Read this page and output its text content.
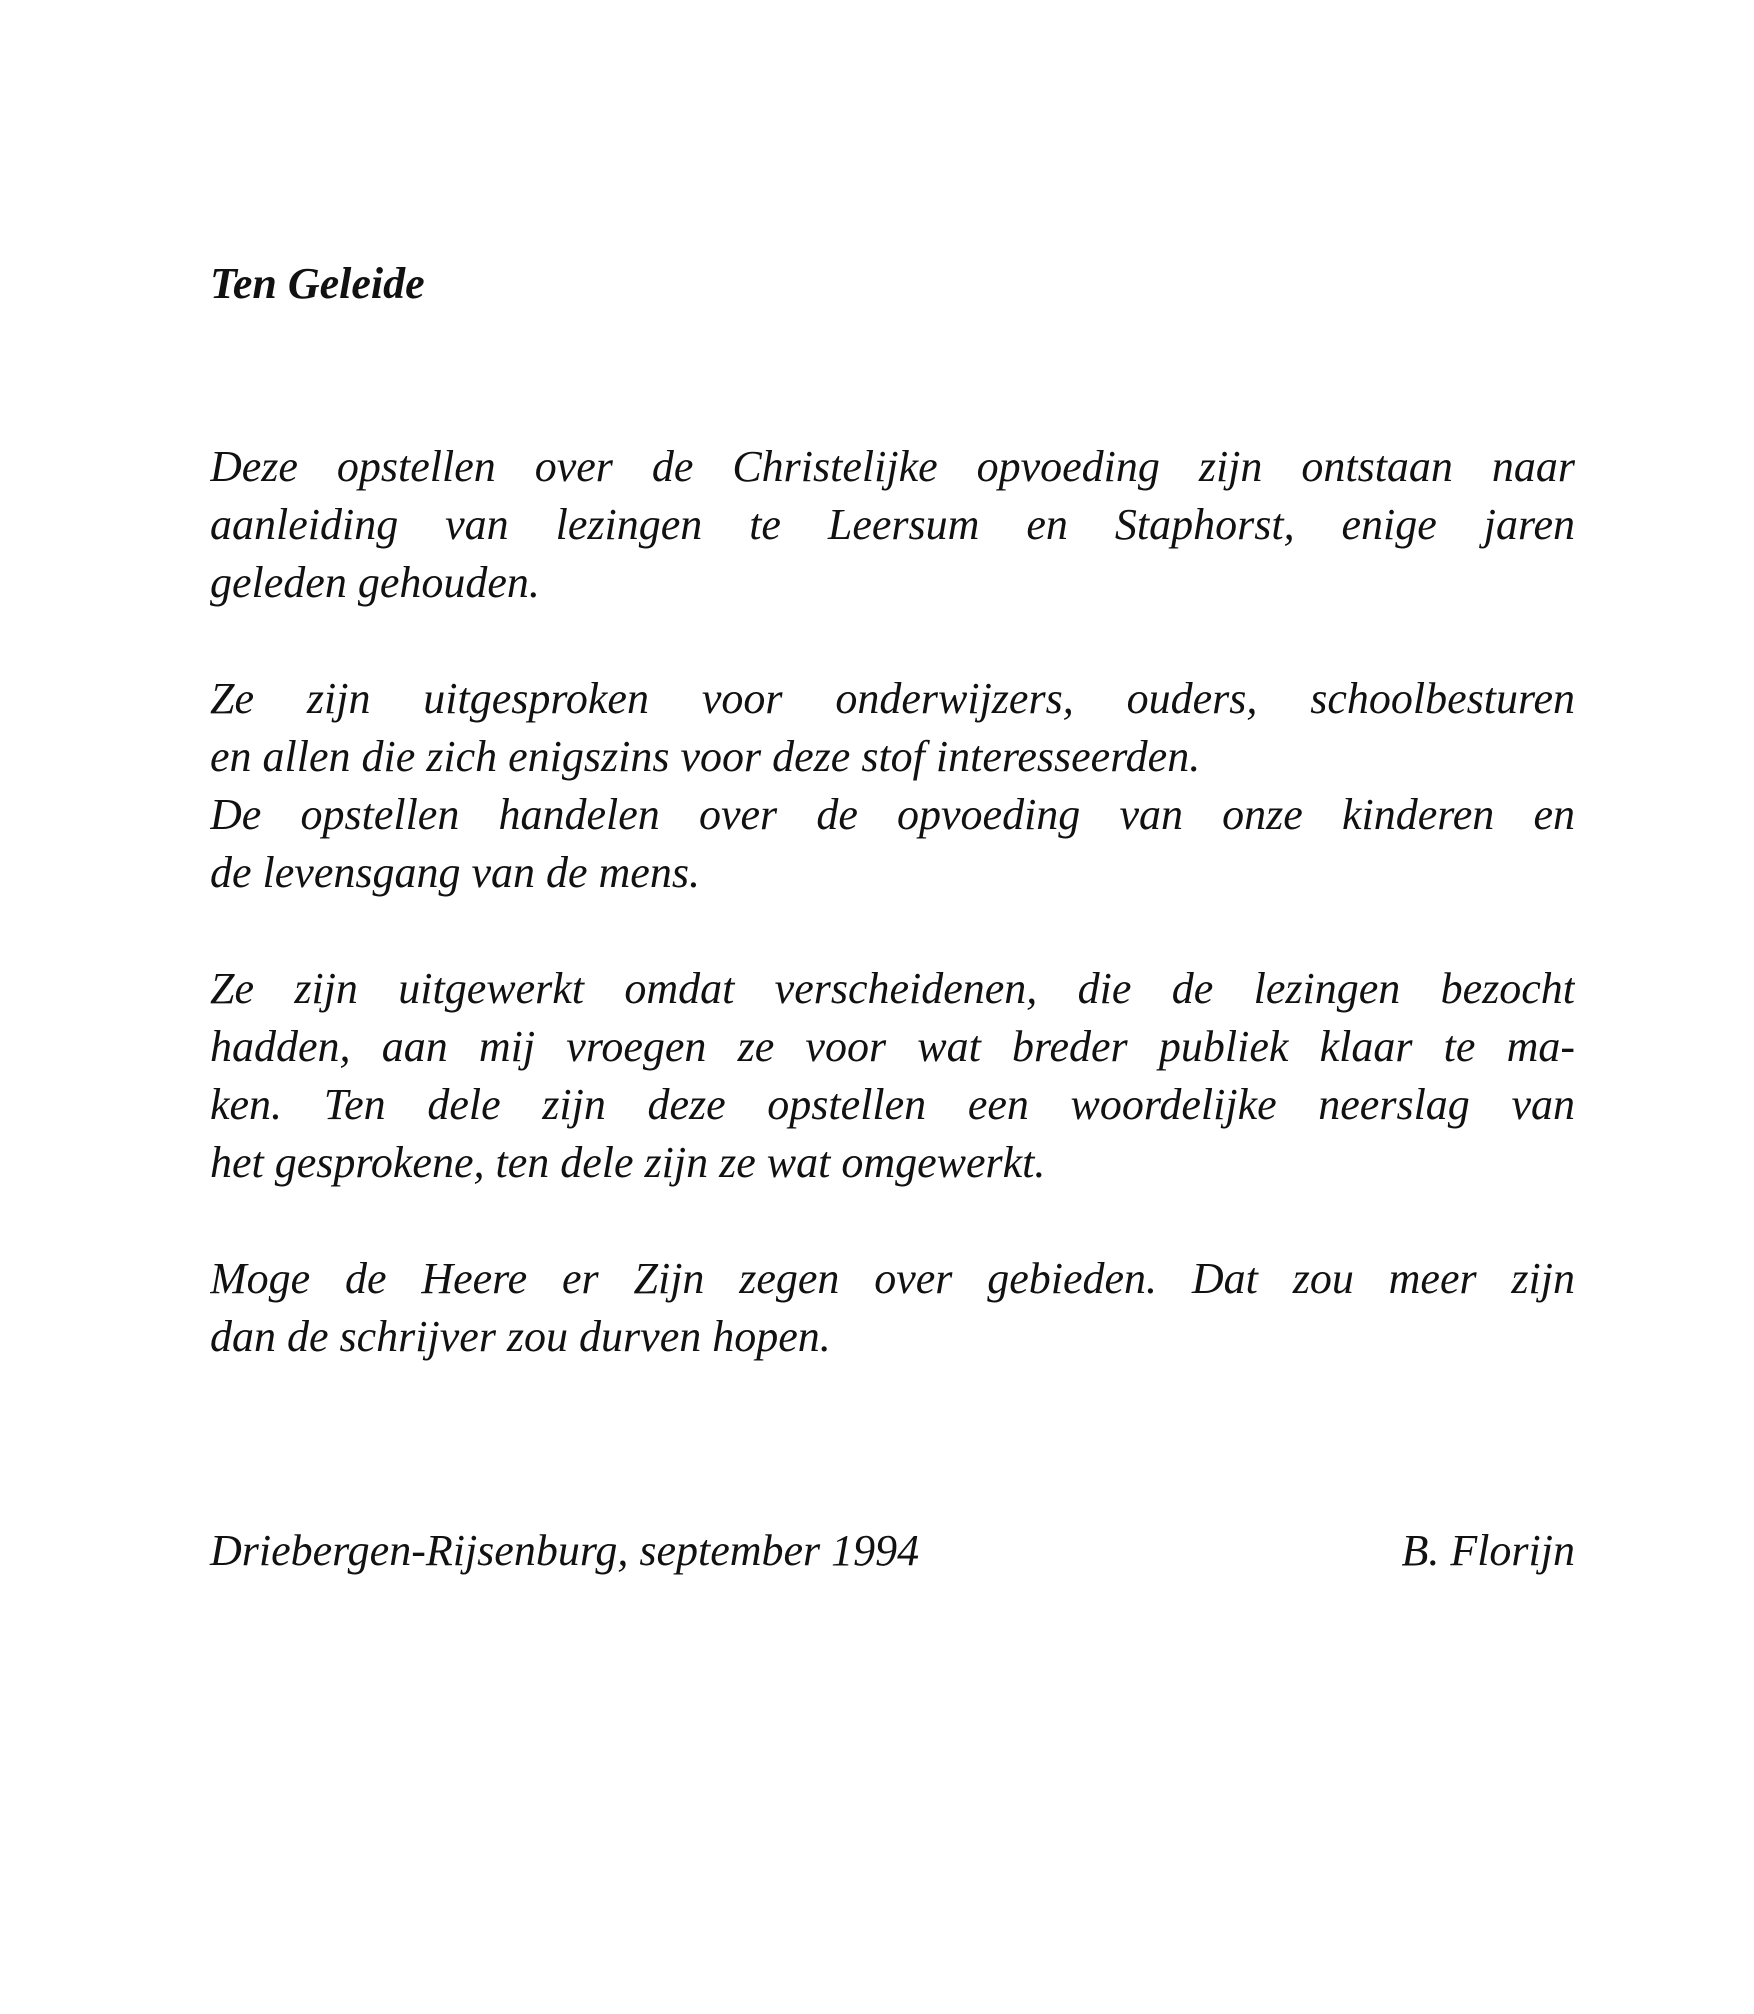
Ten Geleide

Deze opstellen over de Christelijke opvoeding zijn ontstaan naar
aanleiding van lezingen te Leersum en Staphorst, enige jaren
geleden gehouden.

Ze zijn uitgesproken voor onderwijzers, ouders, schoolbesturen
en allen die zich enigszins voor deze stof interesseerden.
De opstellen handelen over de opvoeding van onze kinderen en
de levensgang van de mens.

Ze zijn uitgewerkt omdat verscheidenen, die de lezingen bezocht
hadden, aan mij vroegen ze voor wat breder publiek klaar te ma-
ken. Ten dele zijn deze opstellen een woordelijke neerslag van
het gesprokene, ten dele zijn ze wat omgewerkt.

Moge de Heere er Zijn zegen over gebieden. Dat zou meer zijn
dan de schrijver zou durven hopen.

Driebergen-Rijsenburg, september 1994	B. Florijn
